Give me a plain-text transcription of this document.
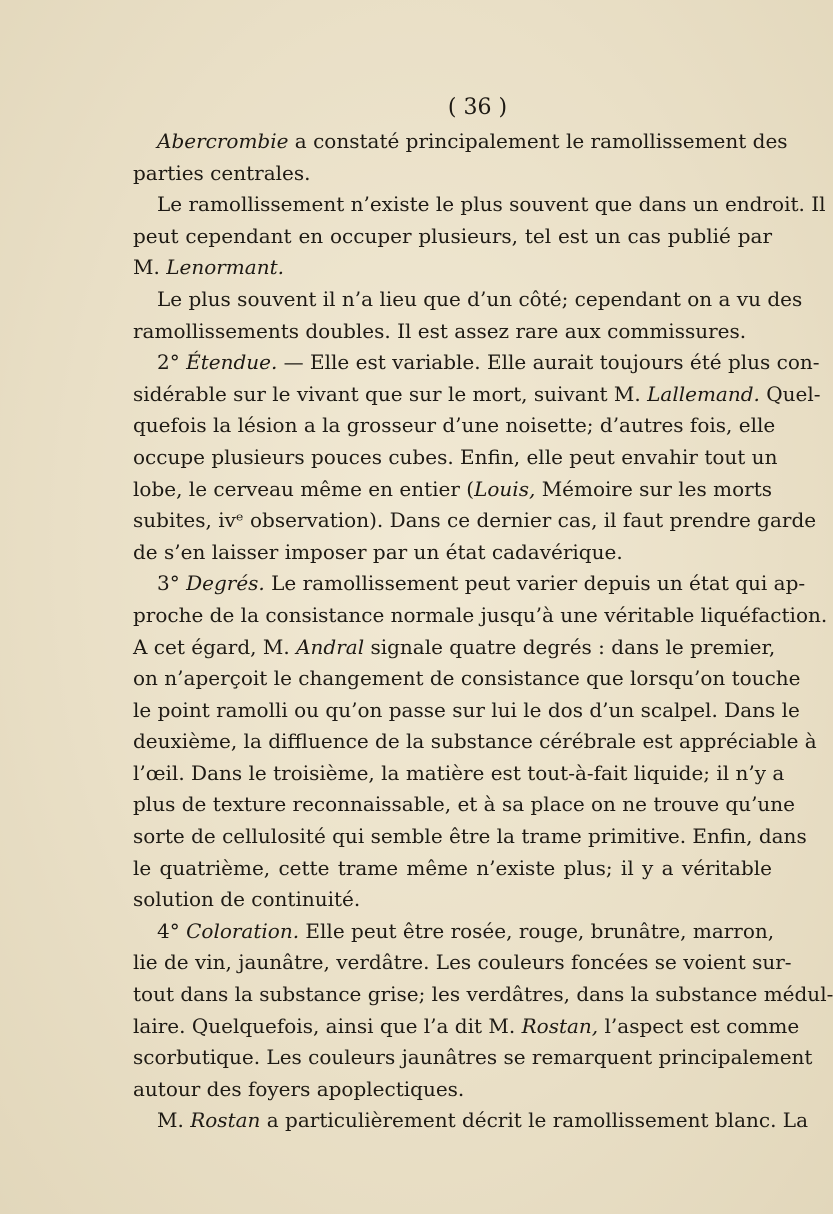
( 36 )
Abercrombie a constaté principalement le ramollissement des
parties centrales.
Le ramollissement n’existe le plus souvent que dans un endroit. Il
peut cependant en occuper plusieurs, tel est un cas publié par
M. Lenormant.
Le plus souvent il n’a lieu que d’un côté; cependant on a vu des
ramollissements doubles. Il est assez rare aux commissures.
2° Étendue. — Elle est variable. Elle aurait toujours été plus con-
sidérable sur le vivant que sur le mort, suivant M. Lallemand. Quel-
quefois la lésion a la grosseur d’une noisette; d’autres fois, elle
occupe plusieurs pouces cubes. Enfin, elle peut envahir tout un
lobe, le cerveau même en entier (Louis, Mémoire sur les morts
subites, ivᵉ observation). Dans ce dernier cas, il faut prendre garde
de s’en laisser imposer par un état cadavérique.
3° Degrés. Le ramollissement peut varier depuis un état qui ap-
proche de la consistance normale jusqu’à une véritable liquéfaction.
A cet égard, M. Andral signale quatre degrés : dans le premier,
on n’aperçoit le changement de consistance que lorsqu’on touche
le point ramolli ou qu’on passe sur lui le dos d’un scalpel. Dans le
deuxième, la diffluence de la substance cérébrale est appréciable à
l’œil. Dans le troisième, la matière est tout-à-fait liquide; il n’y a
plus de texture reconnaissable, et à sa place on ne trouve qu’une
sorte de cellulosité qui semble être la trame primitive. Enfin, dans
le quatrième, cette trame même n’existe plus; il y a véritable
solution de continuité.
4° Coloration. Elle peut être rosée, rouge, brunâtre, marron,
lie de vin, jaunâtre, verdâtre. Les couleurs foncées se voient sur-
tout dans la substance grise; les verdâtres, dans la substance médul-
laire. Quelquefois, ainsi que l’a dit M. Rostan, l’aspect est comme
scorbutique. Les couleurs jaunâtres se remarquent principalement
autour des foyers apoplectiques.
M. Rostan a particulièrement décrit le ramollissement blanc. La
